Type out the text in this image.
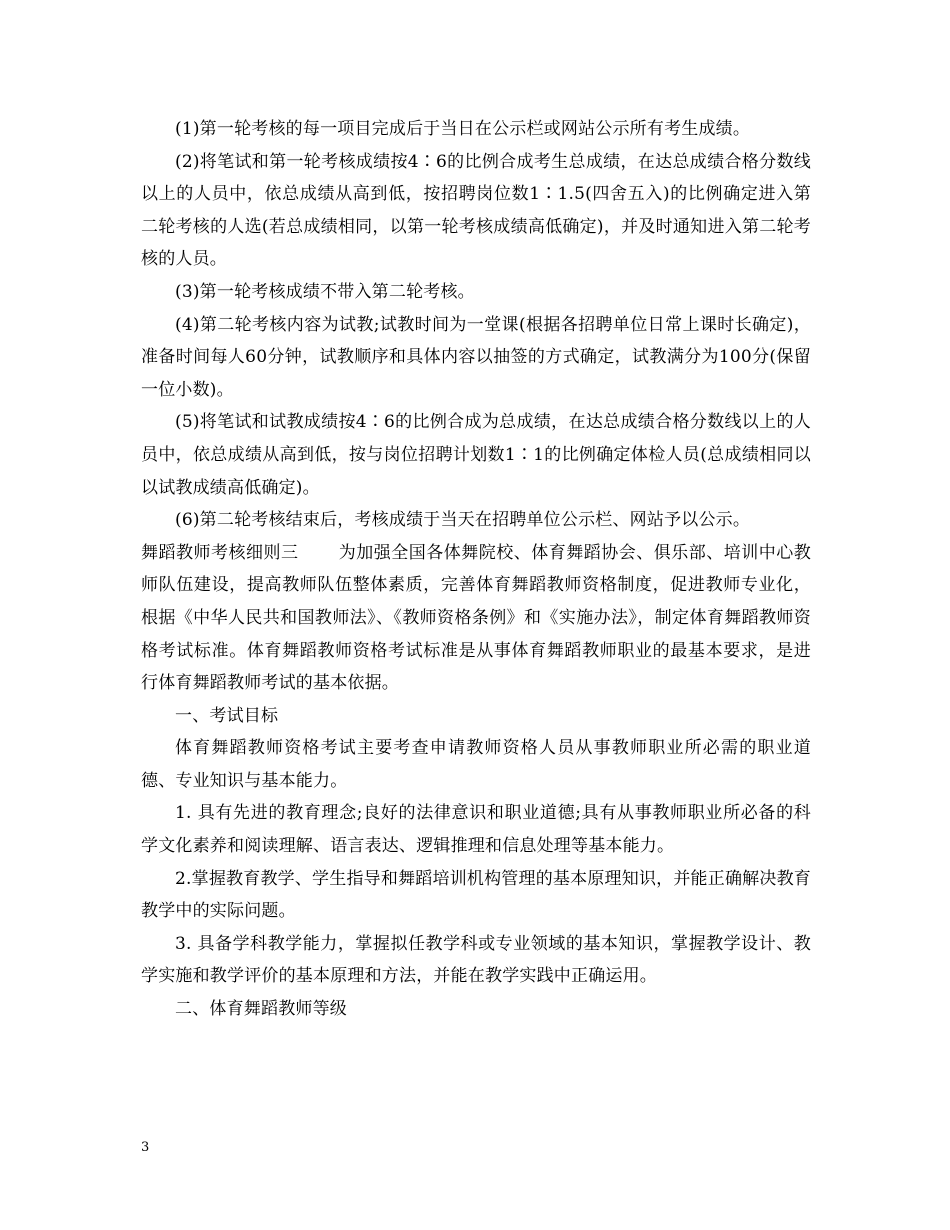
(1)第一轮考核的每一项目完成后于当日在公示栏或网站公示所有考生成绩。

(2)将笔试和第一轮考核成绩按4∶6的比例合成考生总成绩，在达总成绩合格分数线以上的人员中，依总成绩从高到低，按招聘岗位数1∶1.5(四舍五入)的比例确定进入第二轮考核的人选(若总成绩相同，以第一轮考核成绩高低确定)，并及时通知进入第二轮考核的人员。

(3)第一轮考核成绩不带入第二轮考核。

(4)第二轮考核内容为试教;试教时间为一堂课(根据各招聘单位日常上课时长确定)，准备时间每人60分钟，试教顺序和具体内容以抽签的方式确定，试教满分为100分(保留一位小数)。

(5)将笔试和试教成绩按4∶6的比例合成为总成绩，在达总成绩合格分数线以上的人员中，依总成绩从高到低，按与岗位招聘计划数1∶1的比例确定体检人员(总成绩相同以以试教成绩高低确定)。

(6)第二轮考核结束后，考核成绩于当天在招聘单位公示栏、网站予以公示。

舞蹈教师考核细则三 为加强全国各体舞院校、体育舞蹈协会、俱乐部、培训中心教师队伍建设，提高教师队伍整体素质，完善体育舞蹈教师资格制度，促进教师专业化，根据《中华人民共和国教师法》、《教师资格条例》和《实施办法》，制定体育舞蹈教师资格考试标准。体育舞蹈教师资格考试标准是从事体育舞蹈教师职业的最基本要求，是进行体育舞蹈教师考试的基本依据。

一、考试目标

体育舞蹈教师资格考试主要考查申请教师资格人员从事教师职业所必需的职业道德、专业知识与基本能力。

1. 具有先进的教育理念;良好的法律意识和职业道德;具有从事教师职业所必备的科学文化素养和阅读理解、语言表达、逻辑推理和信息处理等基本能力。

2.掌握教育教学、学生指导和舞蹈培训机构管理的基本原理知识，并能正确解决教育教学中的实际问题。

3. 具备学科教学能力，掌握拟任教学科或专业领域的基本知识，掌握教学设计、教学实施和教学评价的基本原理和方法，并能在教学实践中正确运用。

二、体育舞蹈教师等级

3
